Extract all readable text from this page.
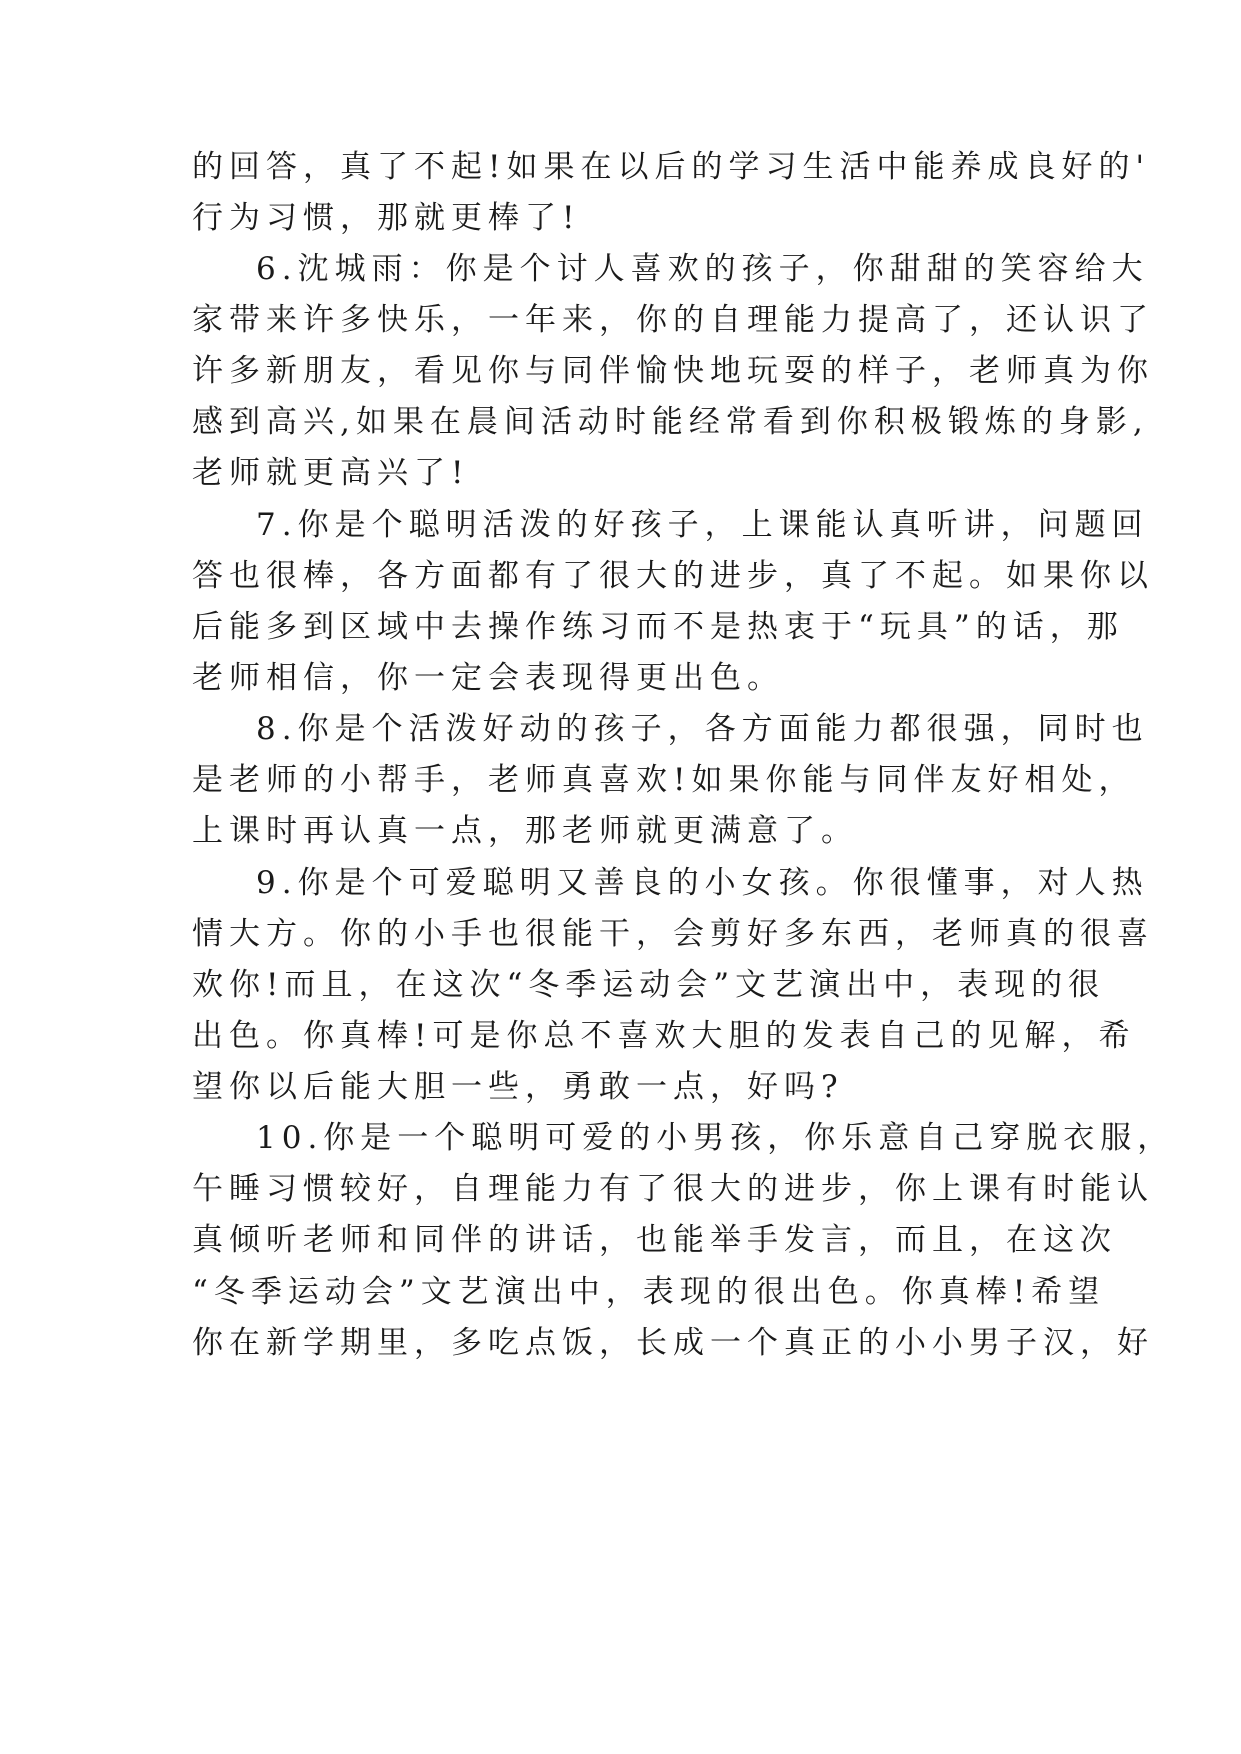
的回答，真了不起!如果在以后的学习生活中能养成良好的'
行为习惯，那就更棒了!
6.沈城雨：你是个讨人喜欢的孩子，你甜甜的笑容给大
家带来许多快乐，一年来，你的自理能力提高了，还认识了
许多新朋友，看见你与同伴愉快地玩耍的样子，老师真为你
感到高兴,如果在晨间活动时能经常看到你积极锻炼的身影,
老师就更高兴了!
7.你是个聪明活泼的好孩子，上课能认真听讲，问题回
答也很棒，各方面都有了很大的进步，真了不起。如果你以
后能多到区域中去操作练习而不是热衷于“玩具”的话，那
老师相信，你一定会表现得更出色。
8.你是个活泼好动的孩子，各方面能力都很强，同时也
是老师的小帮手，老师真喜欢!如果你能与同伴友好相处，
上课时再认真一点，那老师就更满意了。
9.你是个可爱聪明又善良的小女孩。你很懂事，对人热
情大方。你的小手也很能干，会剪好多东西，老师真的很喜
欢你!而且，在这次“冬季运动会”文艺演出中，表现的很
出色。你真棒!可是你总不喜欢大胆的发表自己的见解，希
望你以后能大胆一些，勇敢一点，好吗?
10.你是一个聪明可爱的小男孩，你乐意自己穿脱衣服，
午睡习惯较好，自理能力有了很大的进步，你上课有时能认
真倾听老师和同伴的讲话，也能举手发言，而且，在这次
“冬季运动会”文艺演出中，表现的很出色。你真棒!希望
你在新学期里，多吃点饭，长成一个真正的小小男子汉，好
